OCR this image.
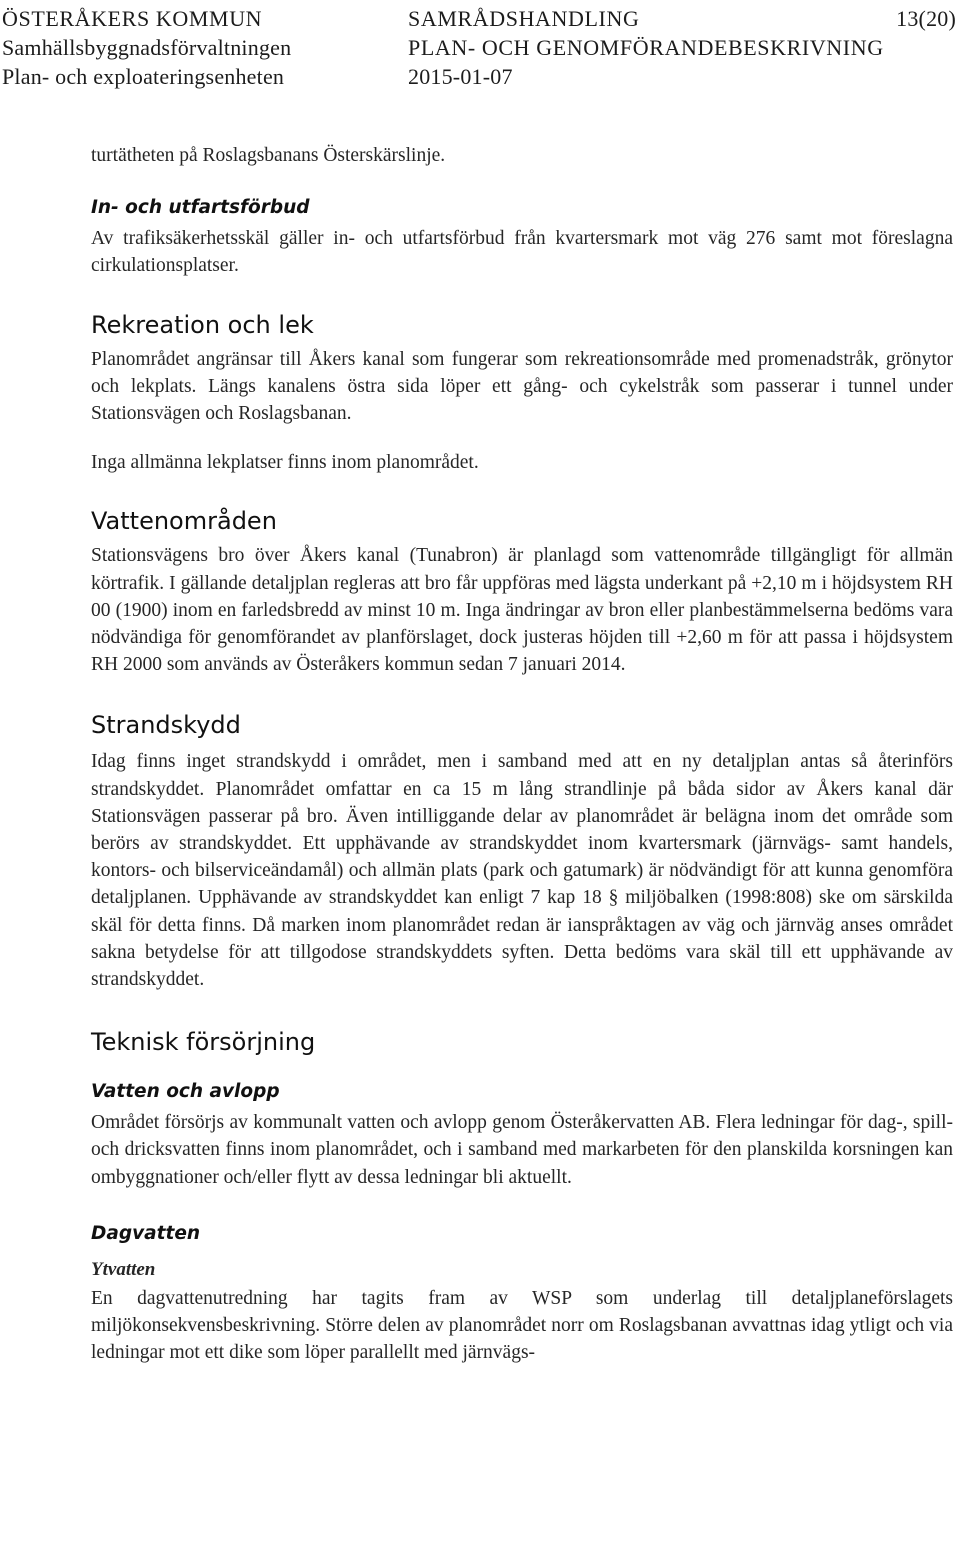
ÖSTERÅKERS KOMMUN
Samhällsbyggnadsförvaltningen
Plan- och exploateringsenheten
SAMRÅDSHANDLING
PLAN- OCH GENOMFÖRANDEBESKRIVNING
2015-01-07
13(20)

turtätheten på Roslagsbanans Österskärslinje.

In- och utfartsförbud

Av trafiksäkerhetsskäl gäller in- och utfartsförbud från kvartersmark mot väg 276 samt mot föreslagna cirkulationsplatser.

Rekreation och lek

Planområdet angränsar till Åkers kanal som fungerar som rekreationsområde med promenadstråk, grönytor och lekplats. Längs kanalens östra sida löper ett gång- och cykelstråk som passerar i tunnel under Stationsvägen och Roslagsbanan.

Inga allmänna lekplatser finns inom planområdet.

Vattenområden

Stationsvägens bro över Åkers kanal (Tunabron) är planlagd som vattenområde tillgängligt för allmän körtrafik. I gällande detaljplan regleras att bro får uppföras med lägsta underkant på +2,10 m i höjdsystem RH 00 (1900) inom en farledsbredd av minst 10 m. Inga ändringar av bron eller planbestämmelserna bedöms vara nödvändiga för genomförandet av planförslaget, dock justeras höjden till +2,60 m för att passa i höjdsystem RH 2000 som används av Österåkers kommun sedan 7 januari 2014.

Strandskydd

Idag finns inget strandskydd i området, men i samband med att en ny detaljplan antas så återinförs strandskyddet. Planområdet omfattar en ca 15 m lång strandlinje på båda sidor av Åkers kanal där Stationsvägen passerar på bro. Även intilliggande delar av planområdet är belägna inom det område som berörs av strandskyddet. Ett upphävande av strandskyddet inom kvartersmark (järnvägs- samt handels, kontors- och bilserviceändamål) och allmän plats (park och gatumark) är nödvändigt för att kunna genomföra detaljplanen. Upphävande av strandskyddet kan enligt 7 kap 18 § miljöbalken (1998:808) ske om särskilda skäl för detta finns. Då marken inom planområdet redan är ianspråktagen av väg och järnväg anses området sakna betydelse för att tillgodose strandskyddets syften. Detta bedöms vara skäl till ett upphävande av strandskyddet.

Teknisk försörjning
Vatten och avlopp

Området försörjs av kommunalt vatten och avlopp genom Österåkervatten AB. Flera ledningar för dag-, spill- och dricksvatten finns inom planområdet, och i samband med markarbeten för den planskilda korsningen kan ombyggnationer och/eller flytt av dessa ledningar bli aktuellt.

Dagvatten
Ytvatten

En dagvattenutredning har tagits fram av WSP som underlag till detaljplaneförslagets miljökonsekvensbeskrivning. Större delen av planområdet norr om Roslagsbanan avvattnas idag ytligt och via ledningar mot ett dike som löper parallellt med järnvägs-
